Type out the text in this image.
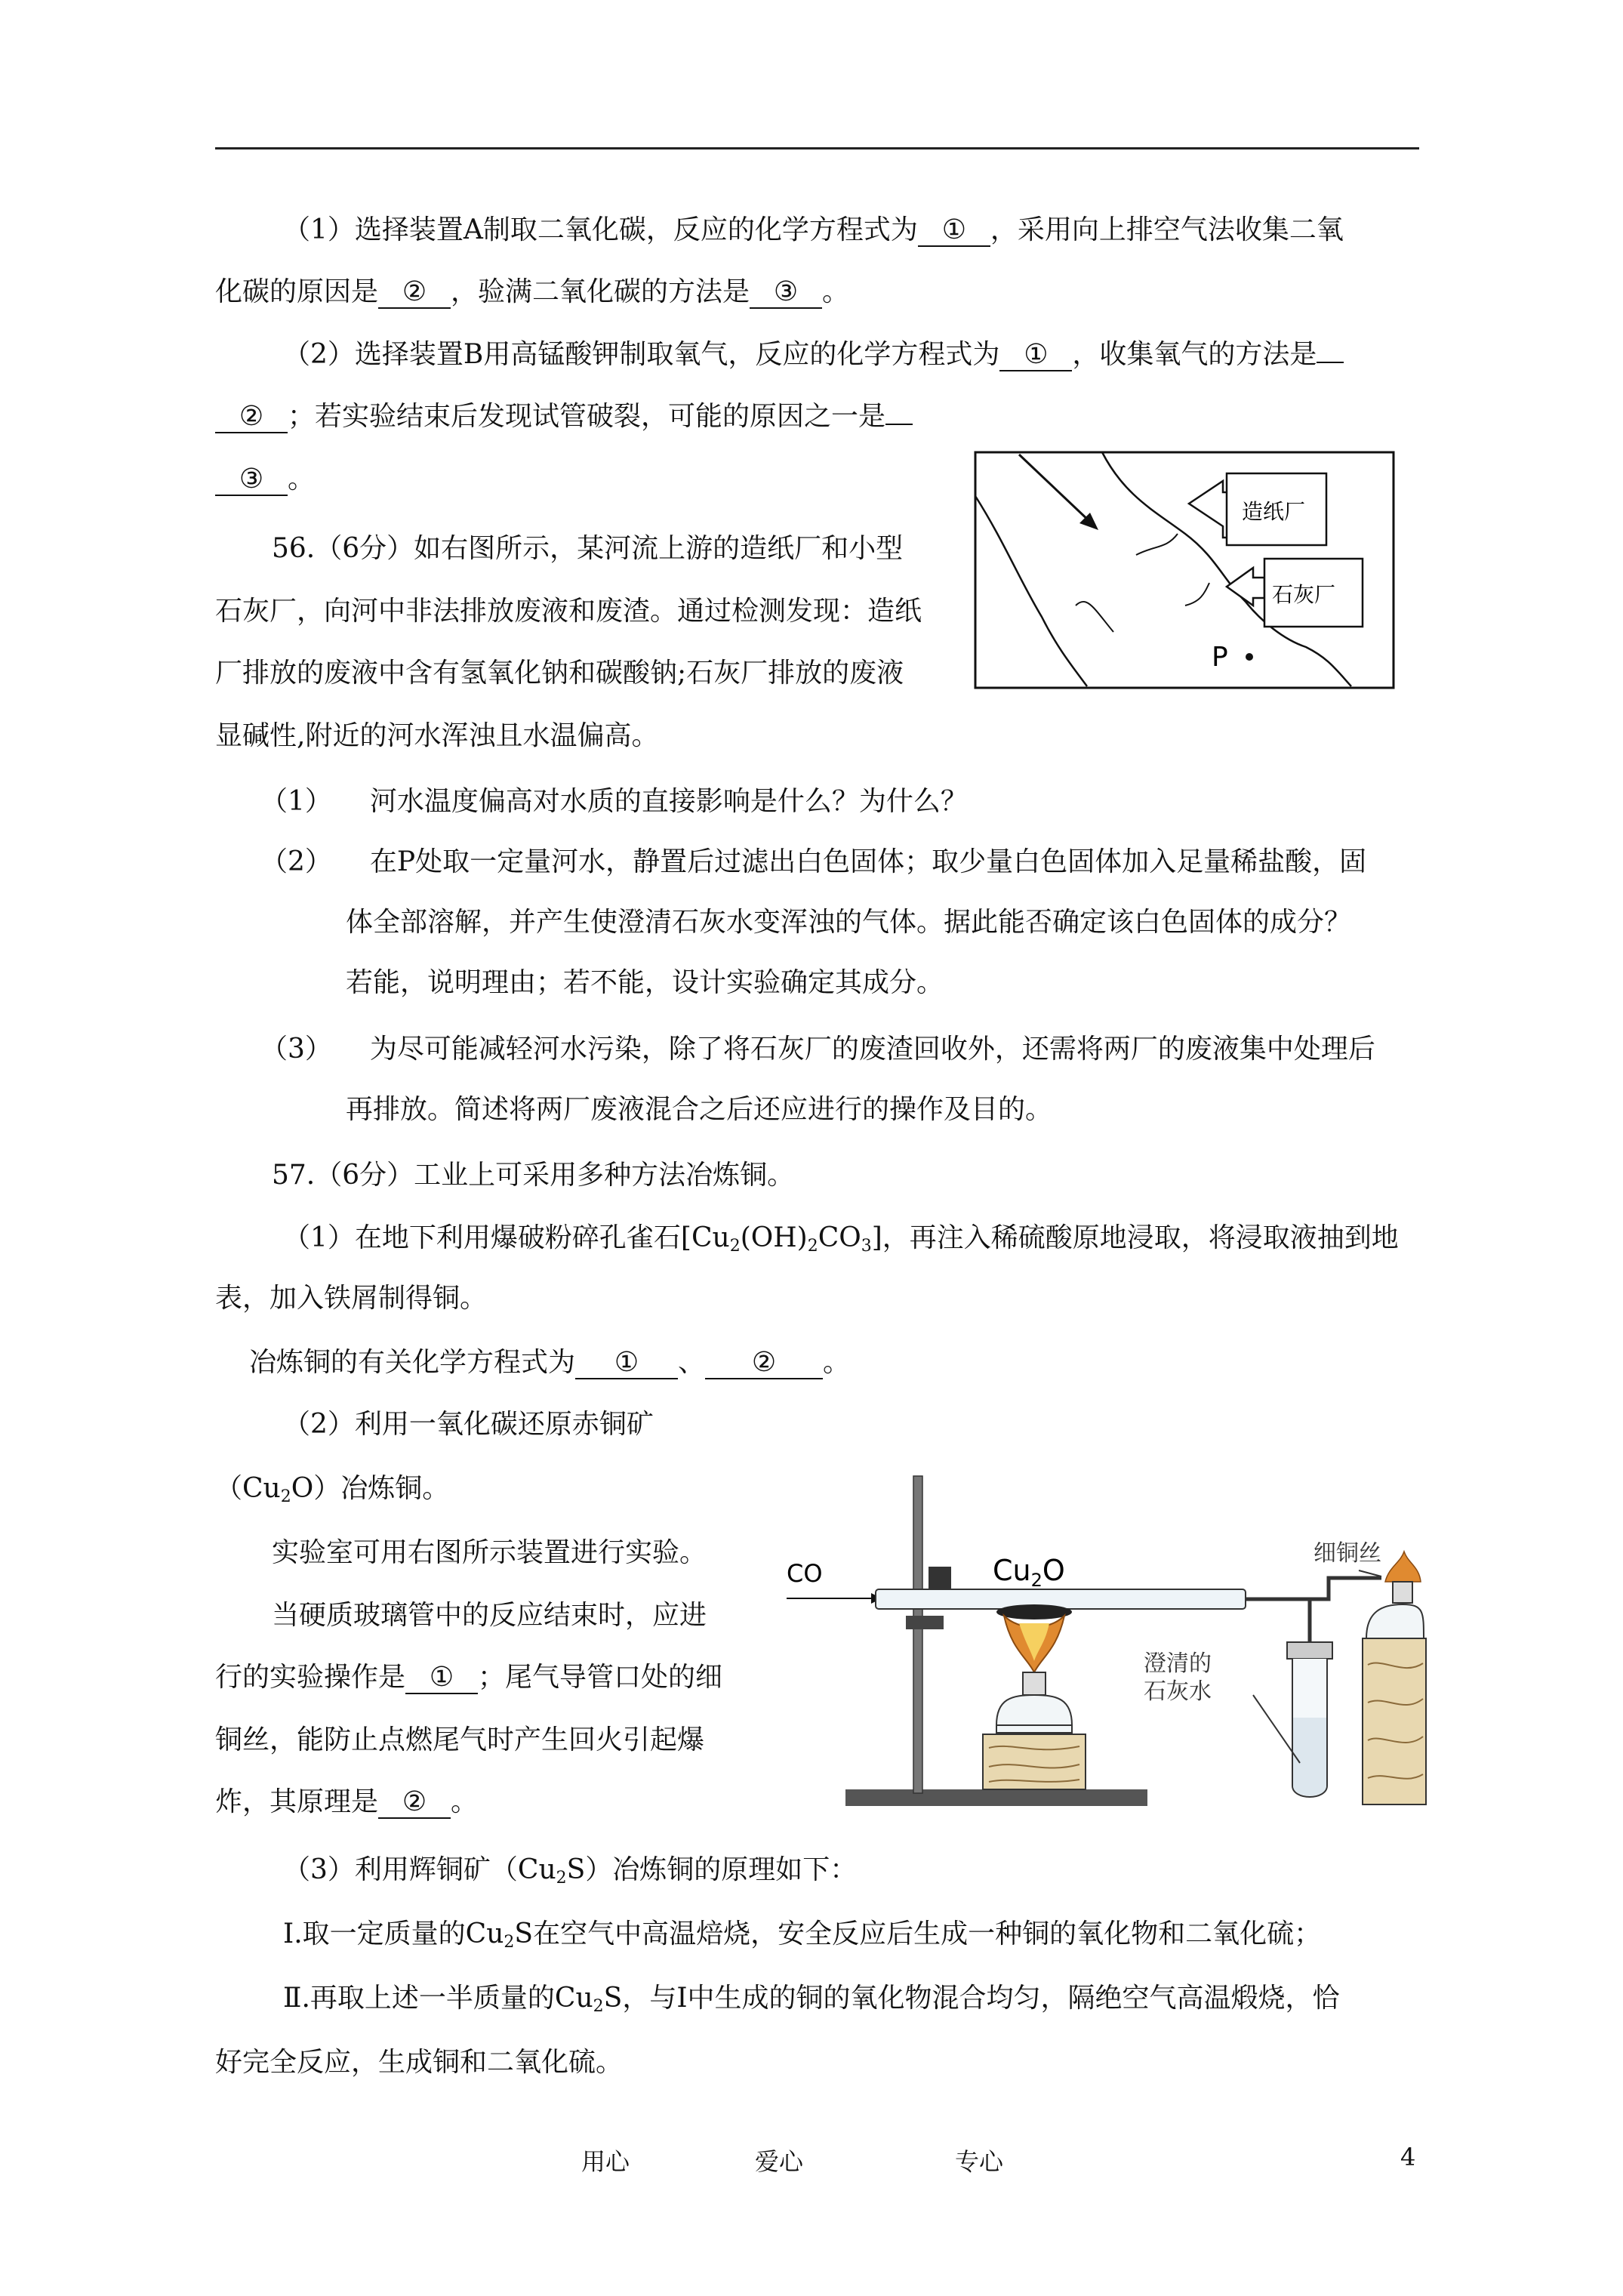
（1）选择装置A制取二氧化碳，反应的化学方程式为 ① ，采用向上排空气法收集二氧
化碳的原因是 ② ，验满二氧化碳的方法是 ③ 。
（2）选择装置B用高锰酸钾制取氧气，反应的化学方程式为 ① ，收集氧气的方法是
② ；若实验结束后发现试管破裂，可能的原因之一是
③ 。
56.（6分）如右图所示，某河流上游的造纸厂和小型
石灰厂，向河中非法排放废液和废渣。通过检测发现：造纸
厂排放的废液中含有氢氧化钠和碳酸钠;石灰厂排放的废液
显碱性,附近的河水浑浊且水温偏高。
造纸厂
石灰厂
P
（1） 河水温度偏高对水质的直接影响是什么？为什么？
（2） 在P处取一定量河水，静置后过滤出白色固体；取少量白色固体加入足量稀盐酸，固
体全部溶解，并产生使澄清石灰水变浑浊的气体。据此能否确定该白色固体的成分？
若能，说明理由；若不能，设计实验确定其成分。
（3） 为尽可能减轻河水污染，除了将石灰厂的废渣回收外，还需将两厂的废液集中处理后
再排放。简述将两厂废液混合之后还应进行的操作及目的。
57.（6分）工业上可采用多种方法冶炼铜。
（1）在地下利用爆破粉碎孔雀石$[Cu_2(OH)_2CO_3]$，再注入稀硫酸原地浸取，将浸取液抽到地
表，加入铁屑制得铜。
冶炼铜的有关化学方程式为 ① 、 ② 。
（2）利用一氧化碳还原赤铜矿
$(Cu_2O)$冶炼铜。
实验室可用右图所示装置进行实验。
当硬质玻璃管中的反应结束时，应进
行的实验操作是 ① ；尾气导管口处的细
铜丝，能防止点燃尾气时产生回火引起爆
炸，其原理是 ② 。
CO	$Cu_2O$
澄清的
石灰水
细铜丝
（3）利用辉铜矿$(Cu_2S)$冶炼铜的原理如下：
Ⅰ.取一定质量的$Cu_2S$在空气中高温焙烧，安全反应后生成一种铜的氧化物和二氧化硫；
Ⅱ.再取上述一半质量的$Cu_2S$，与Ⅰ中生成的铜的氧化物混合均匀，隔绝空气高温煅烧，恰
好完全反应，生成铜和二氧化硫。
用心	爱心	专心	4
